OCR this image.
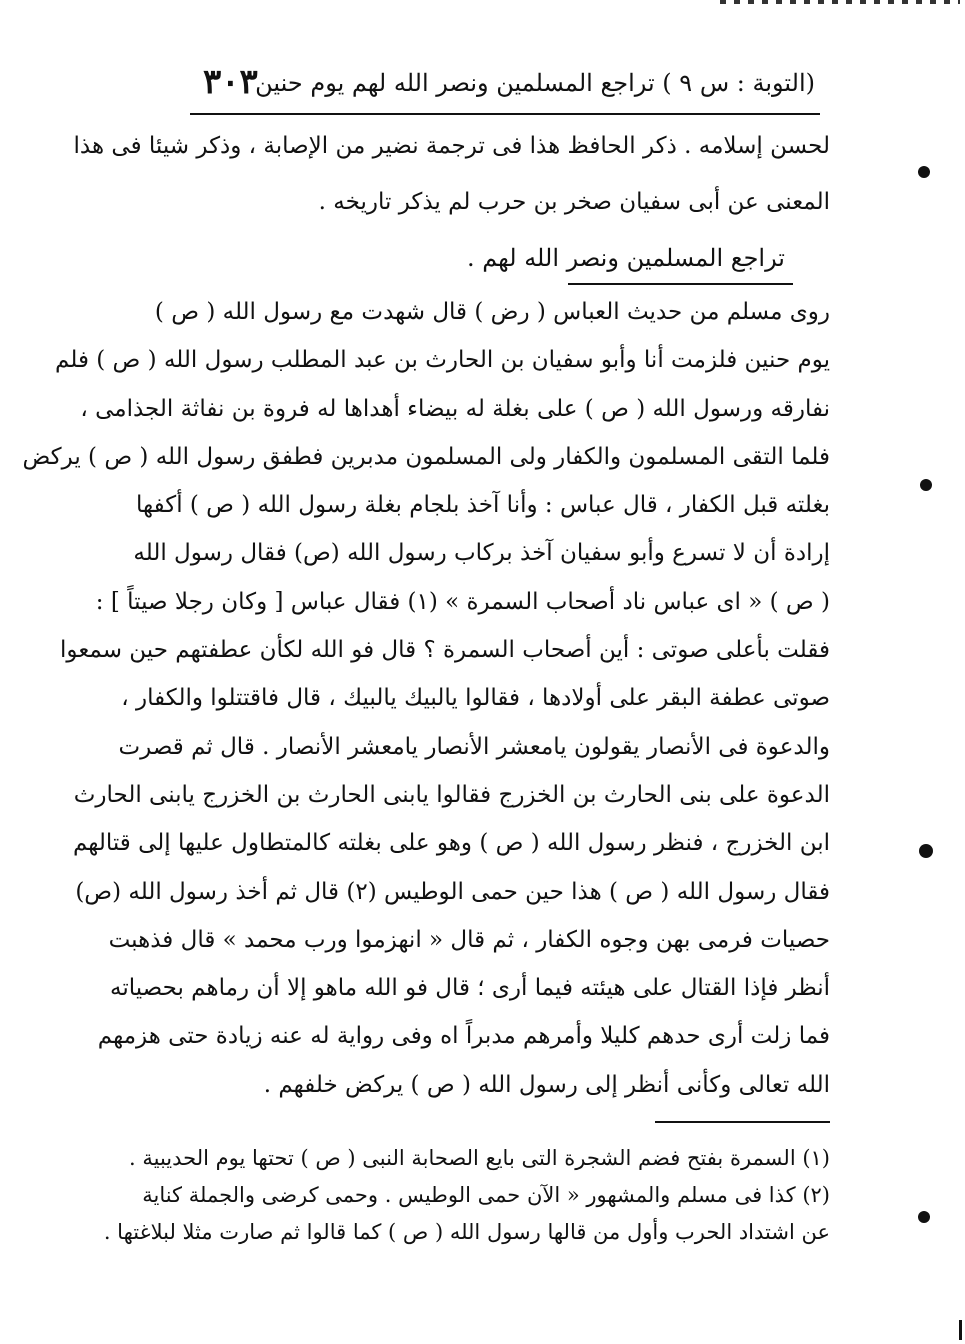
(التوبة : س ٩ ) تراجع المسلمين ونصر الله لهم يوم حنين
٣٠٣
لحسن إسلامه . ذكر الحافظ هذا فى ترجمة نضير من الإصابة ، وذكر شيئا فى هذا
المعنى عن أبى سفيان صخر بن حرب لم يذكر تاريخه .
تراجع المسلمين ونصر الله لهم .
روى مسلم من حديث العباس ( رض ) قال شهدت مع رسول الله ( ص )
يوم حنين فلزمت أنا وأبو سفيان بن الحارث بن عبد المطلب رسول الله ( ص ) فلم
نفارقه ورسول الله ( ص ) على بغلة له بيضاء أهداها له فروة بن نفاثة الجذامى ،
فلما التقى المسلمون والكفار ولى المسلمون مدبرين فطفق رسول الله ( ص ) يركض
بغلته قبل الكفار ، قال عباس : وأنا آخذ بلجام بغلة رسول الله ( ص ) أكفها
إرادة أن لا تسرع وأبو سفيان آخذ بركاب رسول الله (ص) فقال رسول الله
( ص ) « اى عباس ناد أصحاب السمرة » (١) فقال عباس [ وكان رجلا صيتاً ] :
فقلت بأعلى صوتى : أين أصحاب السمرة ؟ قال فو الله لكأن عطفتهم حين سمعوا
صوتى عطفة البقر على أولادها ، فقالوا يالبيك يالبيك ، قال فاقتتلوا والكفار ،
والدعوة فى الأنصار يقولون يامعشر الأنصار يامعشر الأنصار . قال ثم قصرت
الدعوة على بنى الحارث بن الخزرج فقالوا يابنى الحارث بن الخزرج يابنى الحارث
ابن الخزرج ، فنظر رسول الله ( ص ) وهو على بغلته كالمتطاول عليها إلى قتالهم
فقال رسول الله ( ص ) هذا حين حمى الوطيس (٢) قال ثم أخذ رسول الله (ص)
حصيات فرمى بهن وجوه الكفار ، ثم قال « انهزموا ورب محمد » قال فذهبت
أنظر فإذا القتال على هيئته فيما أرى ؛ قال فو الله ماهو إلا أن رماهم بحصياته
فما زلت أرى حدهم كليلا وأمرهم مدبراً اه وفى رواية له عنه زيادة حتى هزمهم
الله تعالى وكأنى أنظر إلى رسول الله ( ص ) يركض خلفهم .
(١) السمرة بفتح فضم الشجرة التى بايع الصحابة النبى ( ص ) تحتها يوم الحديبية .
(٢) كذا فى مسلم والمشهور « الآن حمى الوطيس . وحمى كرضى والجملة كناية
عن اشتداد الحرب وأول من قالها رسول الله ( ص ) كما قالوا ثم صارت مثلا لبلاغتها .
